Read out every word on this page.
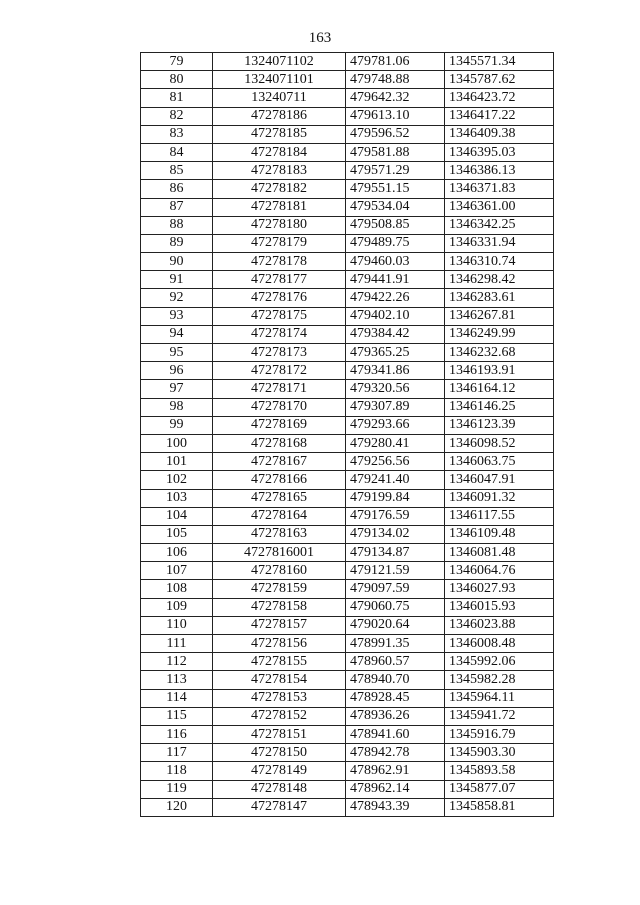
163
79	1324071102	479781.06	1345571.34
80	1324071101	479748.88	1345787.62
81	13240711	479642.32	1346423.72
82	47278186	479613.10	1346417.22
83	47278185	479596.52	1346409.38
84	47278184	479581.88	1346395.03
85	47278183	479571.29	1346386.13
86	47278182	479551.15	1346371.83
87	47278181	479534.04	1346361.00
88	47278180	479508.85	1346342.25
89	47278179	479489.75	1346331.94
90	47278178	479460.03	1346310.74
91	47278177	479441.91	1346298.42
92	47278176	479422.26	1346283.61
93	47278175	479402.10	1346267.81
94	47278174	479384.42	1346249.99
95	47278173	479365.25	1346232.68
96	47278172	479341.86	1346193.91
97	47278171	479320.56	1346164.12
98	47278170	479307.89	1346146.25
99	47278169	479293.66	1346123.39
100	47278168	479280.41	1346098.52
101	47278167	479256.56	1346063.75
102	47278166	479241.40	1346047.91
103	47278165	479199.84	1346091.32
104	47278164	479176.59	1346117.55
105	47278163	479134.02	1346109.48
106	4727816001	479134.87	1346081.48
107	47278160	479121.59	1346064.76
108	47278159	479097.59	1346027.93
109	47278158	479060.75	1346015.93
110	47278157	479020.64	1346023.88
111	47278156	478991.35	1346008.48
112	47278155	478960.57	1345992.06
113	47278154	478940.70	1345982.28
114	47278153	478928.45	1345964.11
115	47278152	478936.26	1345941.72
116	47278151	478941.60	1345916.79
117	47278150	478942.78	1345903.30
118	47278149	478962.91	1345893.58
119	47278148	478962.14	1345877.07
120	47278147	478943.39	1345858.81
